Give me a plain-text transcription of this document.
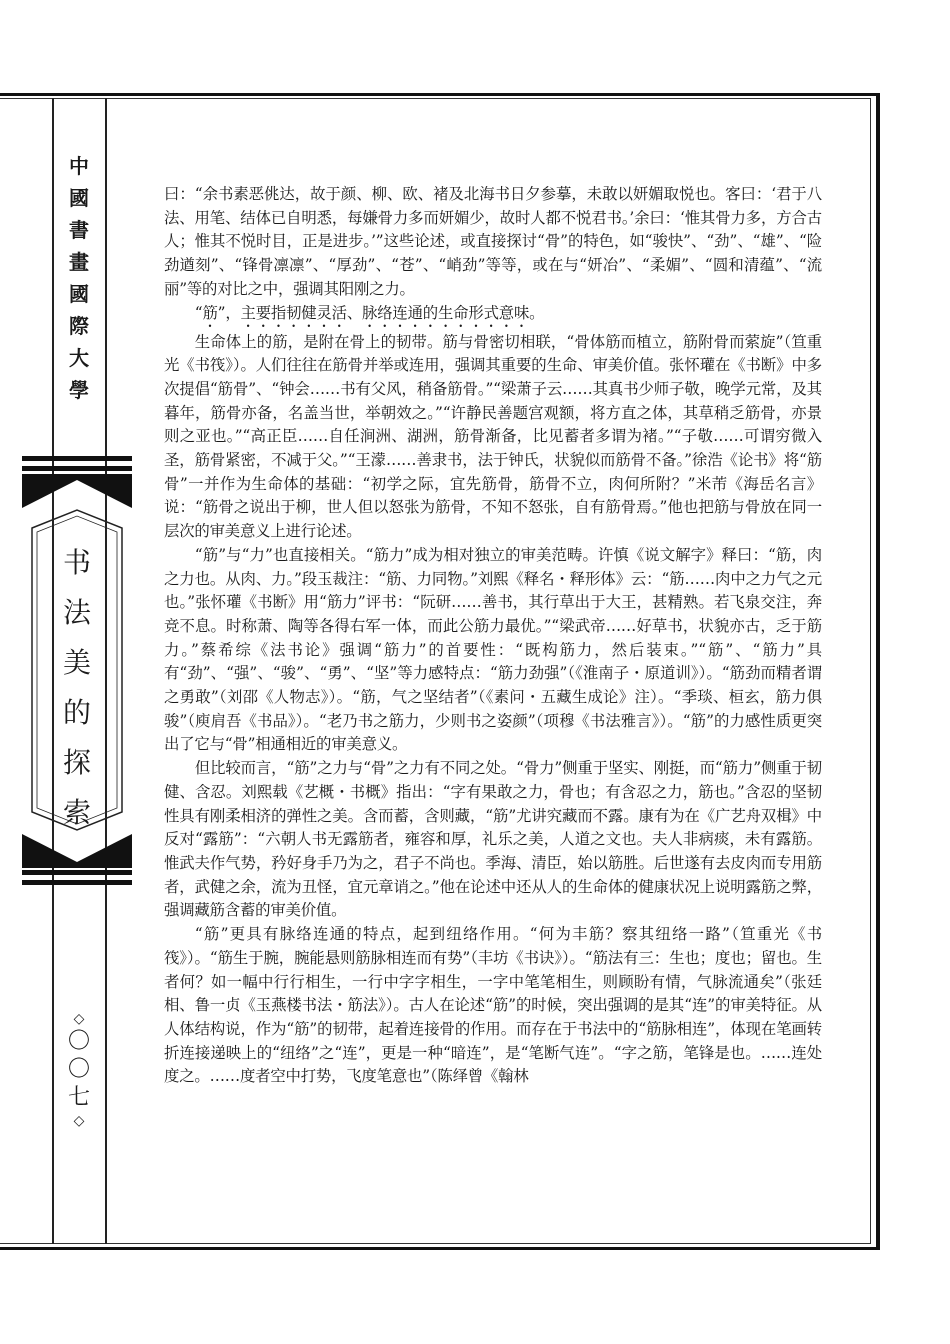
中
國
書
畫
國
際
大
學
书
法
美
的
探
索
◇
〇
〇
七
◇

曰：“余书素恶佻达，故于颜、柳、欧、褚及北海书日夕参摹，未敢以妍媚取悦也。客曰：‘君于八法、用笔、结体已自明悉，每嫌骨力多而妍媚少，故时人都不悦君书。’余曰：‘惟其骨力多，方合古人；惟其不悦时目，正是进步。’”这些论述，或直接探讨“骨”的特色，如“骏快”、“劲”、“雄”、“险劲遒刻”、“锋骨凛凛”、“厚劲”、“苍”、“峭劲”等等，或在与“妍冶”、“柔媚”、“圆和清蕴”、“流丽”等的对比之中，强调其阳刚之力。

“筋”，主要指韧健灵活、脉络连通的生命形式意味。

生命体上的筋，是附在骨上的韧带。筋与骨密切相联，“骨体筋而植立，筋附骨而萦旋”（笪重光《书筏》）。人们往往在筋骨并举或连用，强调其重要的生命、审美价值。张怀瓘在《书断》中多次提倡“筋骨”、“钟会……书有父风，稍备筋骨。”“梁萧子云……其真书少师子敬，晚学元常，及其暮年，筋骨亦备，名盖当世，举朝效之。”“许静民善题宫观额，将方直之体，其草稍乏筋骨，亦景则之亚也。”“高正臣……自任涧洲、湖洲，筋骨渐备，比见蓄者多谓为褚。”“子敬……可谓穷微入圣，筋骨紧密，不减于父。”“王濛……善隶书，法于钟氏，状貌似而筋骨不备。”徐浩《论书》将“筋骨”一并作为生命体的基础：“初学之际，宜先筋骨，筋骨不立，肉何所附？”米芾《海岳名言》说：“筋骨之说出于柳，世人但以怒张为筋骨，不知不怒张，自有筋骨焉。”他也把筋与骨放在同一层次的审美意义上进行论述。

“筋”与“力”也直接相关。“筋力”成为相对独立的审美范畴。许慎《说文解字》释曰：“筋，肉之力也。从肉、力。”段玉裁注：“筋、力同物。”刘熙《释名・释形体》云：“筋……肉中之力气之元也。”张怀瓘《书断》用“筋力”评书：“阮研……善书，其行草出于大王，甚精熟。若飞泉交注，奔竞不息。时称萧、陶等各得右军一体，而此公筋力最优。”“梁武帝……好草书，状貌亦古，乏于筋力。”蔡希综《法书论》强调“筋力”的首要性：“既构筋力，然后装束。”“筋”、“筋力”具有“劲”、“强”、“骏”、“勇”、“坚”等力感特点：“筋力劲强”（《淮南子・原道训》）。“筋劲而精者谓之勇敢”（刘邵《人物志》）。“筋，气之坚结者”（《素问・五藏生成论》注）。“季琰、桓玄，筋力俱骏”（庾肩吾《书品》）。“老乃书之筋力，少则书之姿颜”（项穆《书法雅言》）。“筋”的力感性质更突出了它与“骨”相通相近的审美意义。

但比较而言，“筋”之力与“骨”之力有不同之处。“骨力”侧重于坚实、刚挺，而“筋力”侧重于韧健、含忍。刘熙载《艺概・书概》指出：“字有果敢之力，骨也；有含忍之力，筋也。”含忍的坚韧性具有刚柔相济的弹性之美。含而蓄，含则藏，“筋”尤讲究藏而不露。康有为在《广艺舟双楫》中反对“露筋”：“六朝人书无露筋者，雍容和厚，礼乐之美，人道之文也。夫人非病痰，未有露筋。惟武夫作气势，矜好身手乃为之，君子不尚也。季海、清臣，始以筋胜。后世遂有去皮肉而专用筋者，武健之余，流为丑怪，宜元章诮之。”他在论述中还从人的生命体的健康状况上说明露筋之弊，强调藏筋含蓄的审美价值。

“筋”更具有脉络连通的特点，起到纽络作用。“何为丰筋？察其纽络一路”（笪重光《书筏》）。“筋生于腕，腕能悬则筋脉相连而有势”（丰坊《书诀》）。“筋法有三：生也；度也；留也。生者何？如一幅中行行相生，一行中字字相生，一字中笔笔相生，则顾盼有情，气脉流通矣”（张廷相、鲁一贞《玉燕楼书法・筋法》）。古人在论述“筋”的时候，突出强调的是其“连”的审美特征。从人体结构说，作为“筋”的韧带，起着连接骨的作用。而存在于书法中的“筋脉相连”，体现在笔画转折连接递映上的“纽络”之“连”，更是一种“暗连”，是“笔断气连”。“字之筋，笔锋是也。……连处度之。……度者空中打势，飞度笔意也”（陈绎曾《翰林
